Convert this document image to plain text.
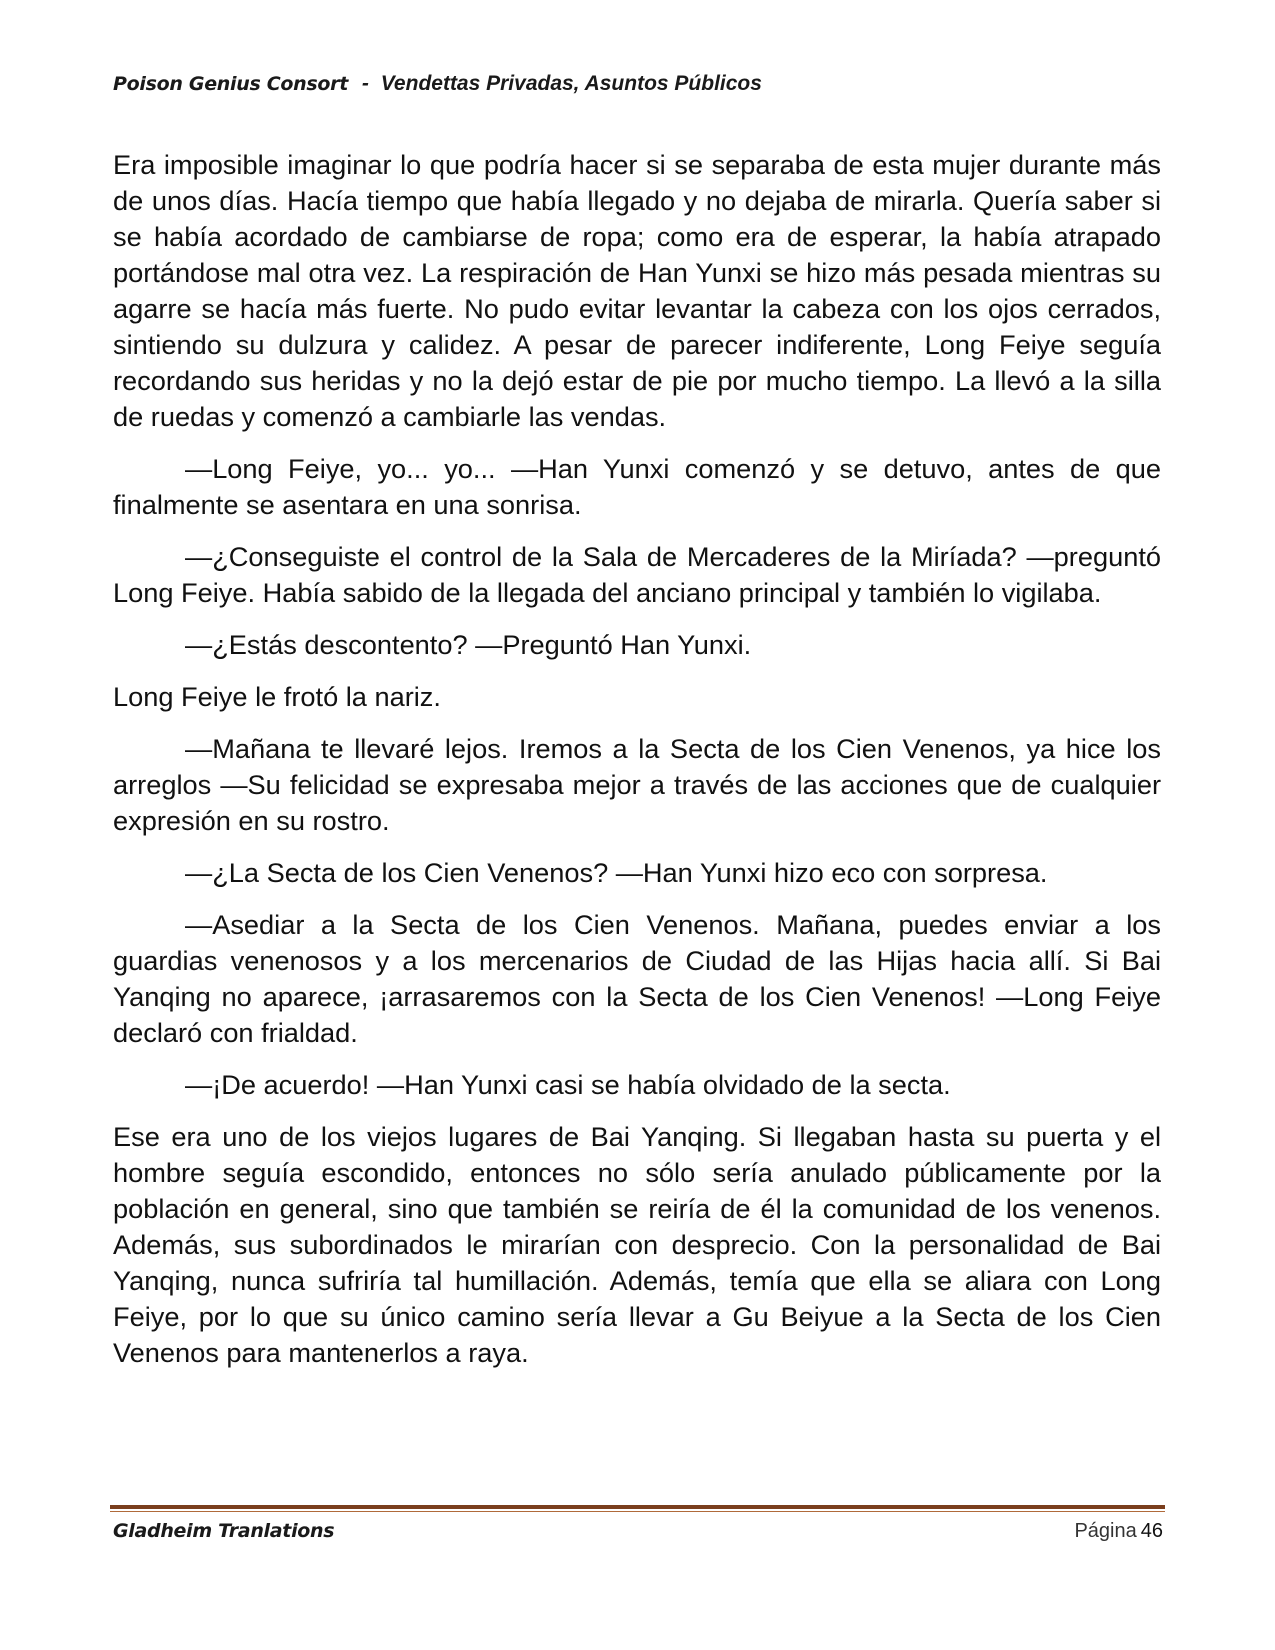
Poison Genius Consort - Vendettas Privadas, Asuntos Públicos

Era imposible imaginar lo que podría hacer si se separaba de esta mujer durante más de unos días. Hacía tiempo que había llegado y no dejaba de mirarla. Quería saber si se había acordado de cambiarse de ropa; como era de esperar, la había atrapado portándose mal otra vez. La respiración de Han Yunxi se hizo más pesada mientras su agarre se hacía más fuerte. No pudo evitar levantar la cabeza con los ojos cerrados, sintiendo su dulzura y calidez. A pesar de parecer indiferente, Long Feiye seguía recordando sus heridas y no la dejó estar de pie por mucho tiempo. La llevó a la silla de ruedas y comenzó a cambiarle las vendas.

—Long Feiye, yo... yo... —Han Yunxi comenzó y se detuvo, antes de que finalmente se asentara en una sonrisa.

—¿Conseguiste el control de la Sala de Mercaderes de la Miríada? —preguntó Long Feiye. Había sabido de la llegada del anciano principal y también lo vigilaba.

—¿Estás descontento? —Preguntó Han Yunxi.

Long Feiye le frotó la nariz.

—Mañana te llevaré lejos. Iremos a la Secta de los Cien Venenos, ya hice los arreglos —Su felicidad se expresaba mejor a través de las acciones que de cualquier expresión en su rostro.

—¿La Secta de los Cien Venenos? —Han Yunxi hizo eco con sorpresa.

—Asediar a la Secta de los Cien Venenos. Mañana, puedes enviar a los guardias venenosos y a los mercenarios de Ciudad de las Hijas hacia allí. Si Bai Yanqing no aparece, ¡arrasaremos con la Secta de los Cien Venenos! —Long Feiye declaró con frialdad.

—¡De acuerdo! —Han Yunxi casi se había olvidado de la secta.

Ese era uno de los viejos lugares de Bai Yanqing. Si llegaban hasta su puerta y el hombre seguía escondido, entonces no sólo sería anulado públicamente por la población en general, sino que también se reiría de él la comunidad de los venenos. Además, sus subordinados le mirarían con desprecio. Con la personalidad de Bai Yanqing, nunca sufriría tal humillación. Además, temía que ella se aliara con Long Feiye, por lo que su único camino sería llevar a Gu Beiyue a la Secta de los Cien Venenos para mantenerlos a raya.

Gladheim Tranlations	Página 46
